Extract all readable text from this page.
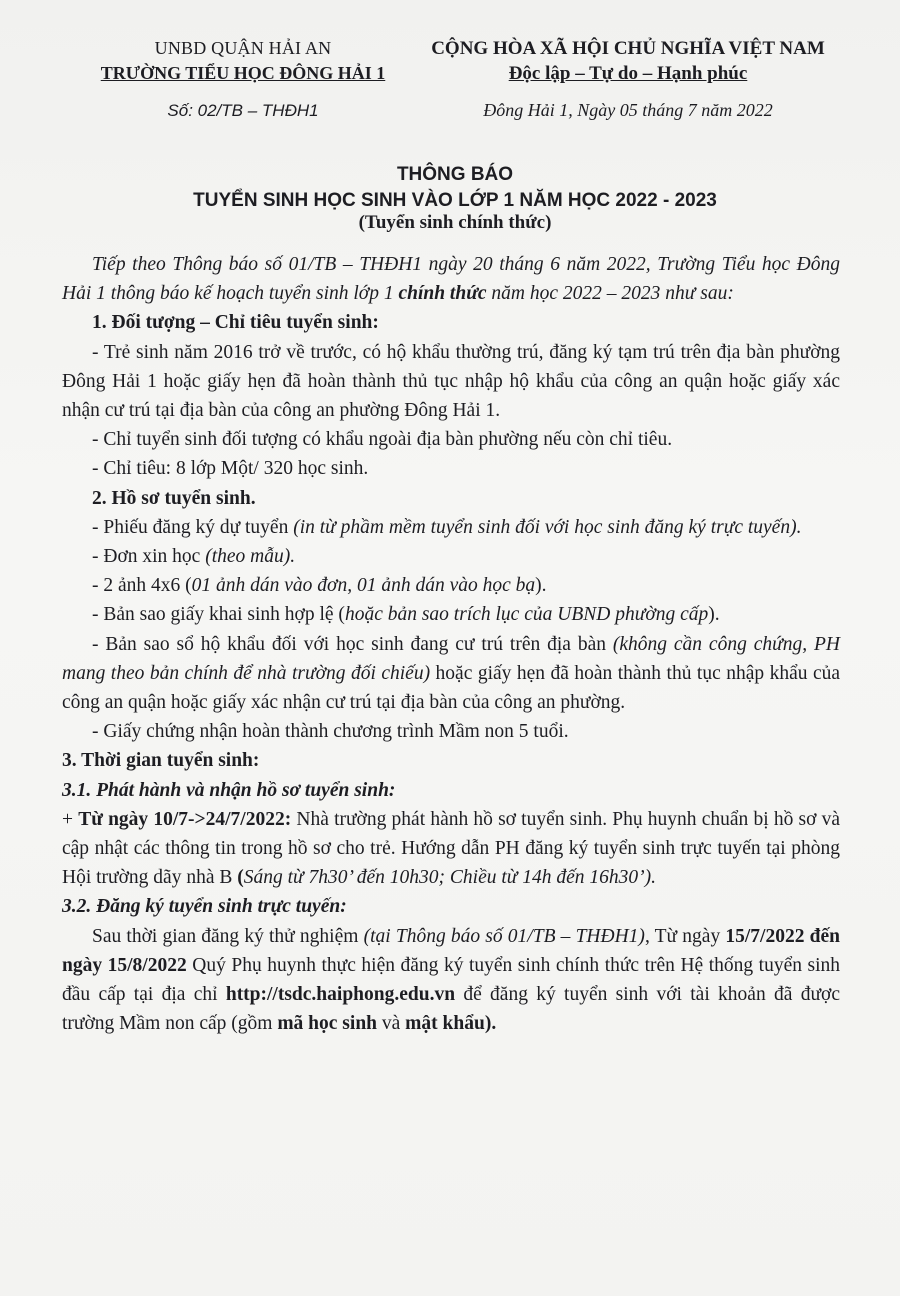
UNBD QUẬN HẢI AN
TRƯỜNG TIỂU HỌC ĐÔNG HẢI 1
CỘNG HÒA XÃ HỘI CHỦ NGHĨA VIỆT NAM
Độc lập – Tự do – Hạnh phúc
Số: 02/TB – THĐH1	Đông Hải 1, Ngày 05 tháng 7 năm 2022
THÔNG BÁO
TUYỂN SINH HỌC SINH VÀO LỚP 1 NĂM HỌC 2022 - 2023
(Tuyển sinh chính thức)

Tiếp theo Thông báo số 01/TB – THĐH1 ngày 20 tháng 6 năm 2022, Trường Tiểu học Đông Hải 1 thông báo kế hoạch tuyển sinh lớp 1 chính thức năm học 2022 – 2023 như sau:

1. Đối tượng – Chỉ tiêu tuyển sinh:

- Trẻ sinh năm 2016 trở về trước, có hộ khẩu thường trú, đăng ký tạm trú trên địa bàn phường Đông Hải 1 hoặc giấy hẹn đã hoàn thành thủ tục nhập hộ khẩu của công an quận hoặc giấy xác nhận cư trú tại địa bàn của công an phường Đông Hải 1.

- Chỉ tuyển sinh đối tượng có khẩu ngoài địa bàn phường nếu còn chỉ tiêu.

- Chỉ tiêu: 8 lớp Một/ 320 học sinh.

2. Hồ sơ tuyển sinh.

- Phiếu đăng ký dự tuyển (in từ phầm mềm tuyển sinh đối với học sinh đăng ký trực tuyến).

- Đơn xin học (theo mẫu).

- 2 ảnh 4x6 (01 ảnh dán vào đơn, 01 ảnh dán vào học bạ).

- Bản sao giấy khai sinh hợp lệ (hoặc bản sao trích lục của UBND phường cấp).

- Bản sao sổ hộ khẩu đối với học sinh đang cư trú trên địa bàn (không cần công chứng, PH mang theo bản chính để nhà trường đối chiếu) hoặc giấy hẹn đã hoàn thành thủ tục nhập khẩu của công an quận hoặc giấy xác nhận cư trú tại địa bàn của công an phường.

- Giấy chứng nhận hoàn thành chương trình Mầm non 5 tuổi.

3. Thời gian tuyển sinh:

3.1. Phát hành và nhận hồ sơ tuyển sinh:

+ Từ ngày 10/7->24/7/2022: Nhà trường phát hành hồ sơ tuyển sinh. Phụ huynh chuẩn bị hồ sơ và cập nhật các thông tin trong hồ sơ cho trẻ. Hướng dẫn PH đăng ký tuyển sinh trực tuyến tại phòng Hội trường dãy nhà B (Sáng từ 7h30’ đến 10h30; Chiều từ 14h đến 16h30’).

3.2. Đăng ký tuyển sinh trực tuyến:

Sau thời gian đăng ký thử nghiệm (tại Thông báo số 01/TB – THĐH1), Từ ngày 15/7/2022 đến ngày 15/8/2022 Quý Phụ huynh thực hiện đăng ký tuyển sinh chính thức trên Hệ thống tuyển sinh đầu cấp tại địa chỉ http://tsdc.haiphong.edu.vn để đăng ký tuyển sinh với tài khoản đã được trường Mầm non cấp (gồm mã học sinh và mật khẩu).
